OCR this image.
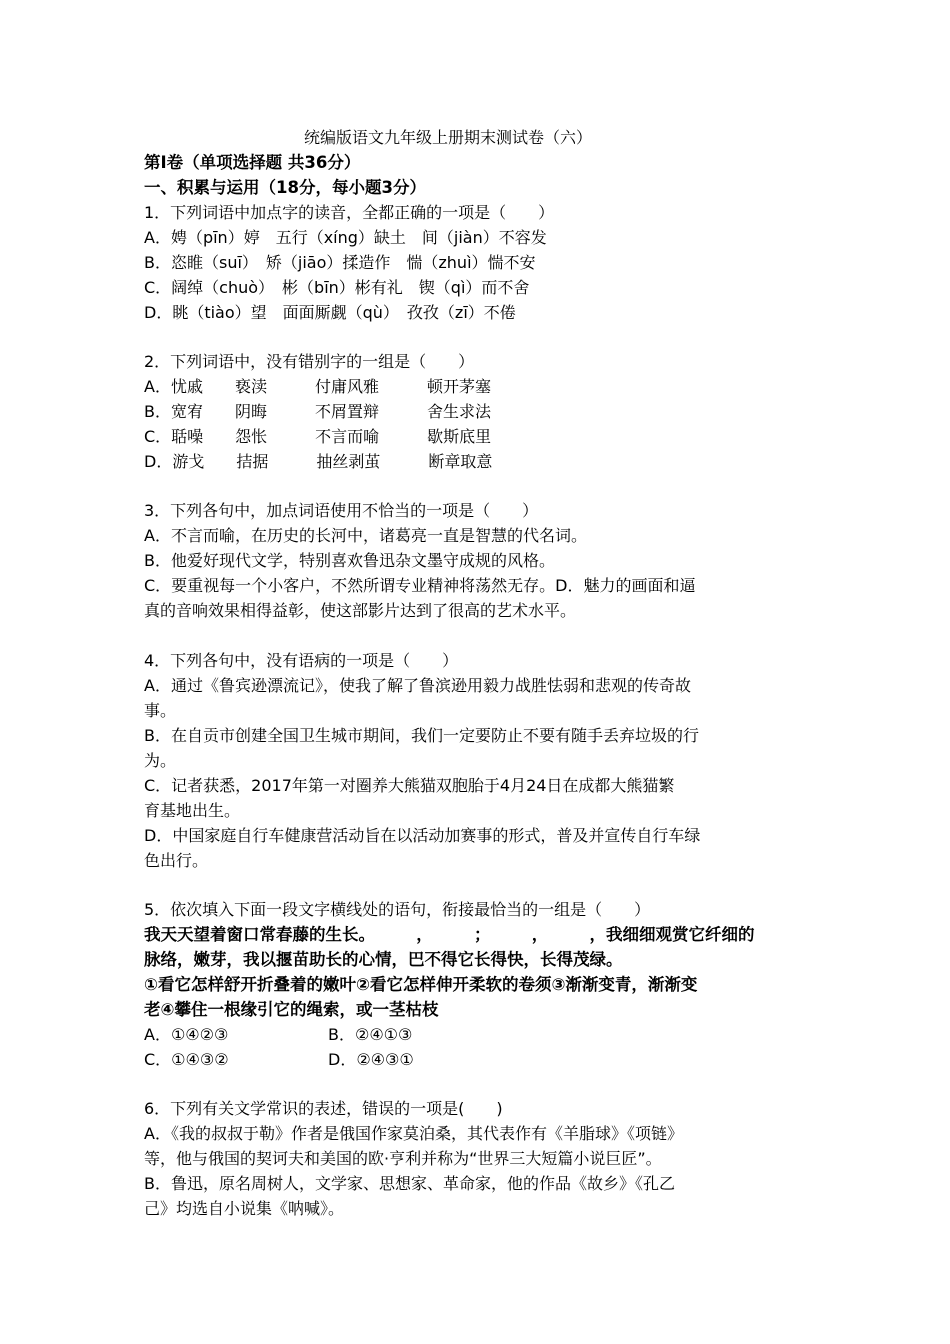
统编版语文九年级上册期末测试卷（六）
第Ⅰ卷（单项选择题 共36分）
一、积累与运用（18分，每小题3分）
1．下列词语中加点字的读音，全都正确的一项是（　　）
A．娉（pīn）婷　五行（xíng）缺土　间（jiàn）不容发
B．恣睢（suī）　矫（jiāo）揉造作　惴（zhuì）惴不安
C．阔绰（chuò）　彬（bīn）彬有礼　锲（qì）而不舍
D．眺（tiào）望　面面厮觑（qù）　孜孜（zī）不倦
2．下列词语中，没有错别字的一组是（　　）
A．忧戚　　亵渎　　　付庸风雅　　　顿开茅塞
B．宽宥　　阴晦　　　不屑置辩　　　舍生求法
C．聒噪　　怨怅　　　不言而喻　　　歇斯底里
D．游戈　　拮据　　　抽丝剥茧　　　断章取意
3．下列各句中，加点词语使用不恰当的一项是（　　）
A．不言而喻，在历史的长河中，诸葛亮一直是智慧的代名词。
B．他爱好现代文学，特别喜欢鲁迅杂文墨守成规的风格。
C．要重视每一个小客户，不然所谓专业精神将荡然无存。D．魅力的画面和逼
真的音响效果相得益彰，使这部影片达到了很高的艺术水平。
4．下列各句中，没有语病的一项是（　　）
A．通过《鲁宾逊漂流记》，使我了解了鲁滨逊用毅力战胜怯弱和悲观的传奇故
事。
B．在自贡市创建全国卫生城市期间，我们一定要防止不要有随手丢弃垃圾的行
为。
C．记者获悉，2017年第一对圈养大熊猫双胞胎于4月24日在成都大熊猫繁
育基地出生。
D．中国家庭自行车健康营活动旨在以活动加赛事的形式，普及并宣传自行车绿
色出行。
5．依次填入下面一段文字横线处的语句，衔接最恰当的一组是（　　）
我天天望着窗口常春藤的生长。　　　，　　　；　　　，　　　，我细细观赏它纤细的
脉络，嫩芽，我以揠苗助长的心情，巴不得它长得快，长得茂绿。
①看它怎样舒开折叠着的嫩叶②看它怎样伸开柔软的卷须③渐渐变青，渐渐变
老④攀住一根缘引它的绳索，或一茎枯枝
A．①④②③	B．②④①③
C．①④③②	D．②④③①
6．下列有关文学常识的表述，错误的一项是(　　)
A．《我的叔叔于勒》作者是俄国作家莫泊桑，其代表作有《羊脂球》《项链》
等，他与俄国的契诃夫和美国的欧·亨利并称为“世界三大短篇小说巨匠”。
B．鲁迅，原名周树人，文学家、思想家、革命家，他的作品《故乡》《孔乙
己》均选自小说集《呐喊》。
